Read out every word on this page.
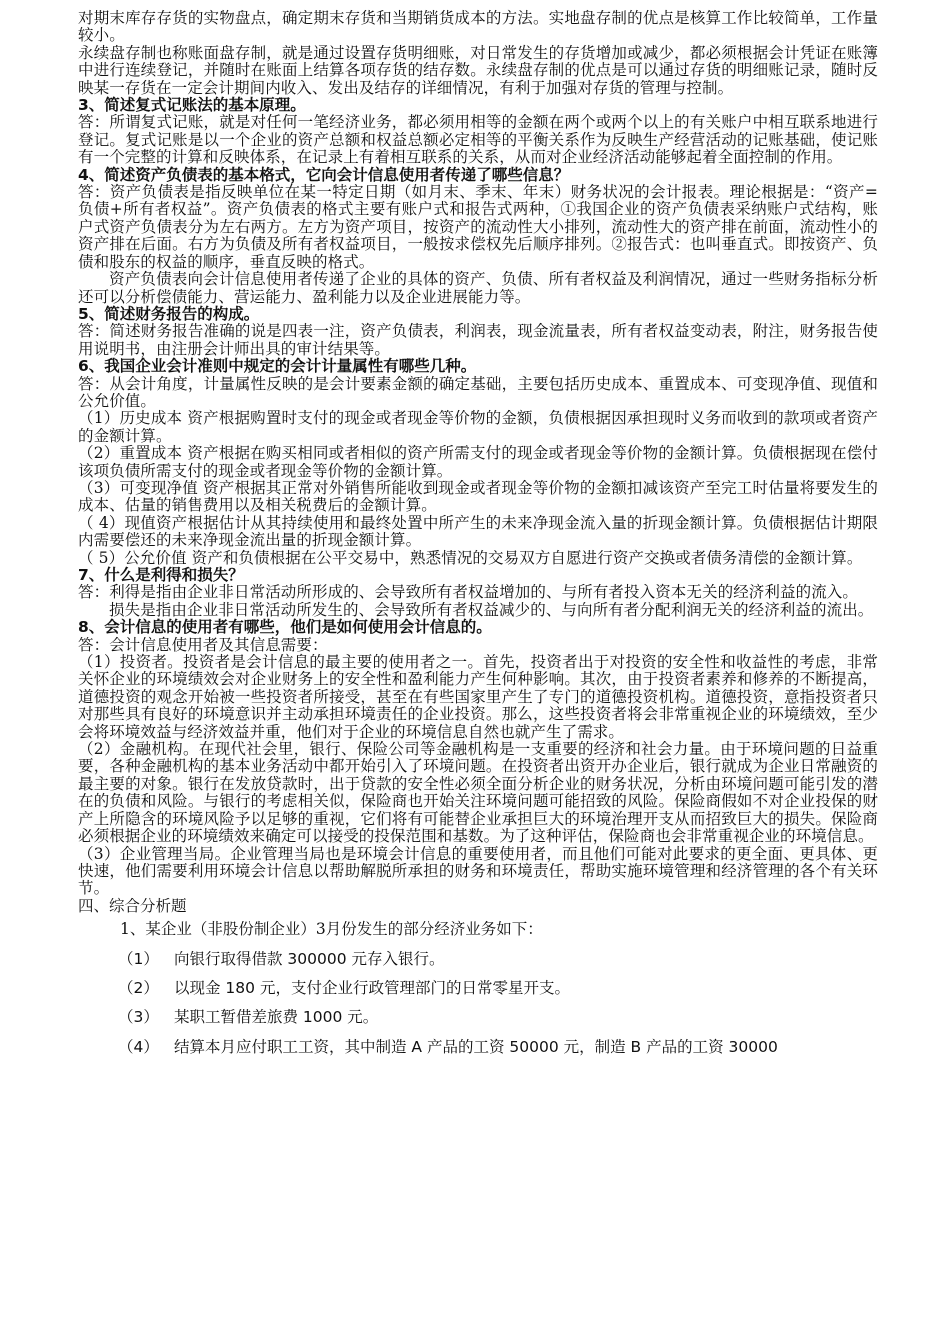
对期末库存存货的实物盘点，确定期末存货和当期销货成本的方法。实地盘存制的优点是核算工作比较简单，工作量较小。

永续盘存制也称账面盘存制，就是通过设置存货明细账，对日常发生的存货增加或减少，都必须根据会计凭证在账簿中进行连续登记，并随时在账面上结算各项存货的结存数。永续盘存制的优点是可以通过存货的明细账记录，随时反映某一存货在一定会计期间内收入、发出及结存的详细情况，有利于加强对存货的管理与控制。

3、简述复式记账法的基本原理。

答：所谓复式记账，就是对任何一笔经济业务，都必须用相等的金额在两个或两个以上的有关账户中相互联系地进行登记。复式记账是以一个企业的资产总额和权益总额必定相等的平衡关系作为反映生产经营活动的记账基础，使记账有一个完整的计算和反映体系，在记录上有着相互联系的关系，从而对企业经济活动能够起着全面控制的作用。

4、简述资产负债表的基本格式，它向会计信息使用者传递了哪些信息？

答：资产负债表是指反映单位在某一特定日期（如月末、季末、年末）财务状况的会计报表。理论根据是：“资产=负债+所有者权益”。资产负债表的格式主要有账户式和报告式两种，①我国企业的资产负债表采纳账户式结构，账户式资产负债表分为左右两方。左方为资产项目，按资产的流动性大小排列，流动性大的资产排在前面，流动性小的资产排在后面。右方为负债及所有者权益项目，一般按求偿权先后顺序排列。②报告式：也叫垂直式。即按资产、负债和股东的权益的顺序，垂直反映的格式。

资产负债表向会计信息使用者传递了企业的具体的资产、负债、所有者权益及利润情况，通过一些财务指标分析还可以分析偿债能力、营运能力、盈利能力以及企业进展能力等。

5、简述财务报告的构成。

答：简述财务报告准确的说是四表一注，资产负债表，利润表，现金流量表，所有者权益变动表，附注，财务报告使用说明书，由注册会计师出具的审计结果等。

6、我国企业会计准则中规定的会计计量属性有哪些几种。

答：从会计角度，计量属性反映的是会计要素金额的确定基础，主要包括历史成本、重置成本、可变现净值、现值和公允价值。

（1）历史成本 资产根据购置时支付的现金或者现金等价物的金额，负债根据因承担现时义务而收到的款项或者资产的金额计算。

（2）重置成本 资产根据在购买相同或者相似的资产所需支付的现金或者现金等价物的金额计算。负债根据现在偿付该项负债所需支付的现金或者现金等价物的金额计算。

（3）可变现净值 资产根据其正常对外销售所能收到现金或者现金等价物的金额扣减该资产至完工时估量将要发生的成本、估量的销售费用以及相关税费后的金额计算。

（ 4）现值资产根据估计从其持续使用和最终处置中所产生的未来净现金流入量的折现金额计算。负债根据估计期限内需要偿还的未来净现金流出量的折现金额计算。

（ 5）公允价值 资产和负债根据在公平交易中，熟悉情况的交易双方自愿进行资产交换或者债务清偿的金额计算。

7、什么是利得和损失？

答：利得是指由企业非日常活动所形成的、会导致所有者权益增加的、与所有者投入资本无关的经济利益的流入。

损失是指由企业非日常活动所发生的、会导致所有者权益减少的、与向所有者分配利润无关的经济利益的流出。

8、会计信息的使用者有哪些，他们是如何使用会计信息的。

答：会计信息使用者及其信息需要：

（1）投资者。投资者是会计信息的最主要的使用者之一。首先，投资者出于对投资的安全性和收益性的考虑，非常关怀企业的环境绩效会对企业财务上的安全性和盈利能力产生何种影响。其次，由于投资者素养和修养的不断提高，道德投资的观念开始被一些投资者所接受，甚至在有些国家里产生了专门的道德投资机构。道德投资，意指投资者只对那些具有良好的环境意识并主动承担环境责任的企业投资。那么，这些投资者将会非常重视企业的环境绩效，至少会将环境效益与经济效益并重，他们对于企业的环境信息自然也就产生了需求。

（2）金融机构。在现代社会里，银行、保险公司等金融机构是一支重要的经济和社会力量。由于环境问题的日益重要，各种金融机构的基本业务活动中都开始引入了环境问题。在投资者出资开办企业后，银行就成为企业日常融资的最主要的对象。银行在发放贷款时，出于贷款的安全性必须全面分析企业的财务状况，分析由环境问题可能引发的潜在的负债和风险。与银行的考虑相关似，保险商也开始关注环境问题可能招致的风险。保险商假如不对企业投保的财产上所隐含的环境风险予以足够的重视，它们将有可能替企业承担巨大的环境治理开支从而招致巨大的损失。保险商必须根据企业的环境绩效来确定可以接受的投保范围和基数。为了这种评估，保险商也会非常重视企业的环境信息。

（3）企业管理当局。企业管理当局也是环境会计信息的重要使用者，而且他们可能对此要求的更全面、更具体、更快速，他们需要利用环境会计信息以帮助解脱所承担的财务和环境责任，帮助实施环境管理和经济管理的各个有关环节。

四、综合分析题

1、某企业（非股份制企业）3月份发生的部分经济业务如下：

（1） 向银行取得借款 300000 元存入银行。
（2） 以现金 180 元，支付企业行政管理部门的日常零星开支。
（3） 某职工暂借差旅费 1000 元。
（4） 结算本月应付职工工资，其中制造 A 产品的工资 50000 元，制造 B 产品的工资 30000
